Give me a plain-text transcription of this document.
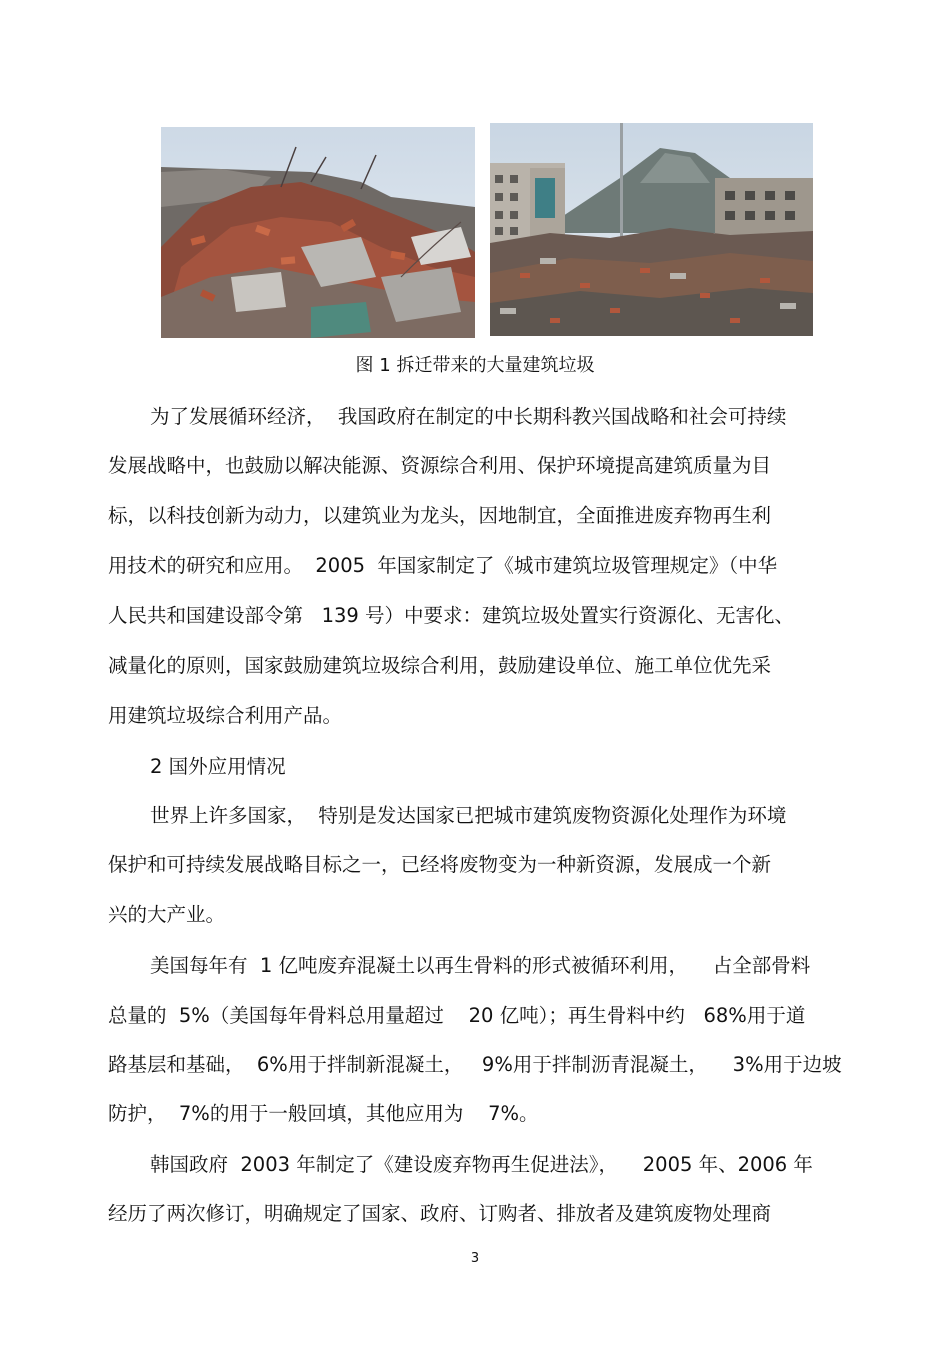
图 1 拆迁带来的大量建筑垃圾
为了发展循环经济，  我国政府在制定的中长期科教兴国战略和社会可持续
发展战略中，也鼓励以解决能源、资源综合利用、保护环境提高建筑质量为目
标，以科技创新为动力，以建筑业为龙头，因地制宜，全面推进废弃物再生利
用技术的研究和应用。  2005  年国家制定了《城市建筑垃圾管理规定》（中华
人民共和国建设部令第   139 号）中要求：建筑垃圾处置实行资源化、无害化、
减量化的原则，国家鼓励建筑垃圾综合利用，鼓励建设单位、施工单位优先采
用建筑垃圾综合利用产品。
2 国外应用情况
世界上许多国家，  特别是发达国家已把城市建筑废物资源化处理作为环境
保护和可持续发展战略目标之一，已经将废物变为一种新资源，发展成一个新
兴的大产业。
美国每年有  1 亿吨废弃混凝土以再生骨料的形式被循环利用，    占全部骨料
总量的  5%（美国每年骨料总用量超过    20 亿吨）；再生骨料中约   68%用于道
路基层和基础，  6%用于拌制新混凝土，   9%用于拌制沥青混凝土，    3%用于边坡
防护，  7%的用于一般回填，其他应用为    7%。
韩国政府  2003 年制定了《建设废弃物再生促进法》，    2005 年、2006 年
经历了两次修订，明确规定了国家、政府、订购者、排放者及建筑废物处理商
3
